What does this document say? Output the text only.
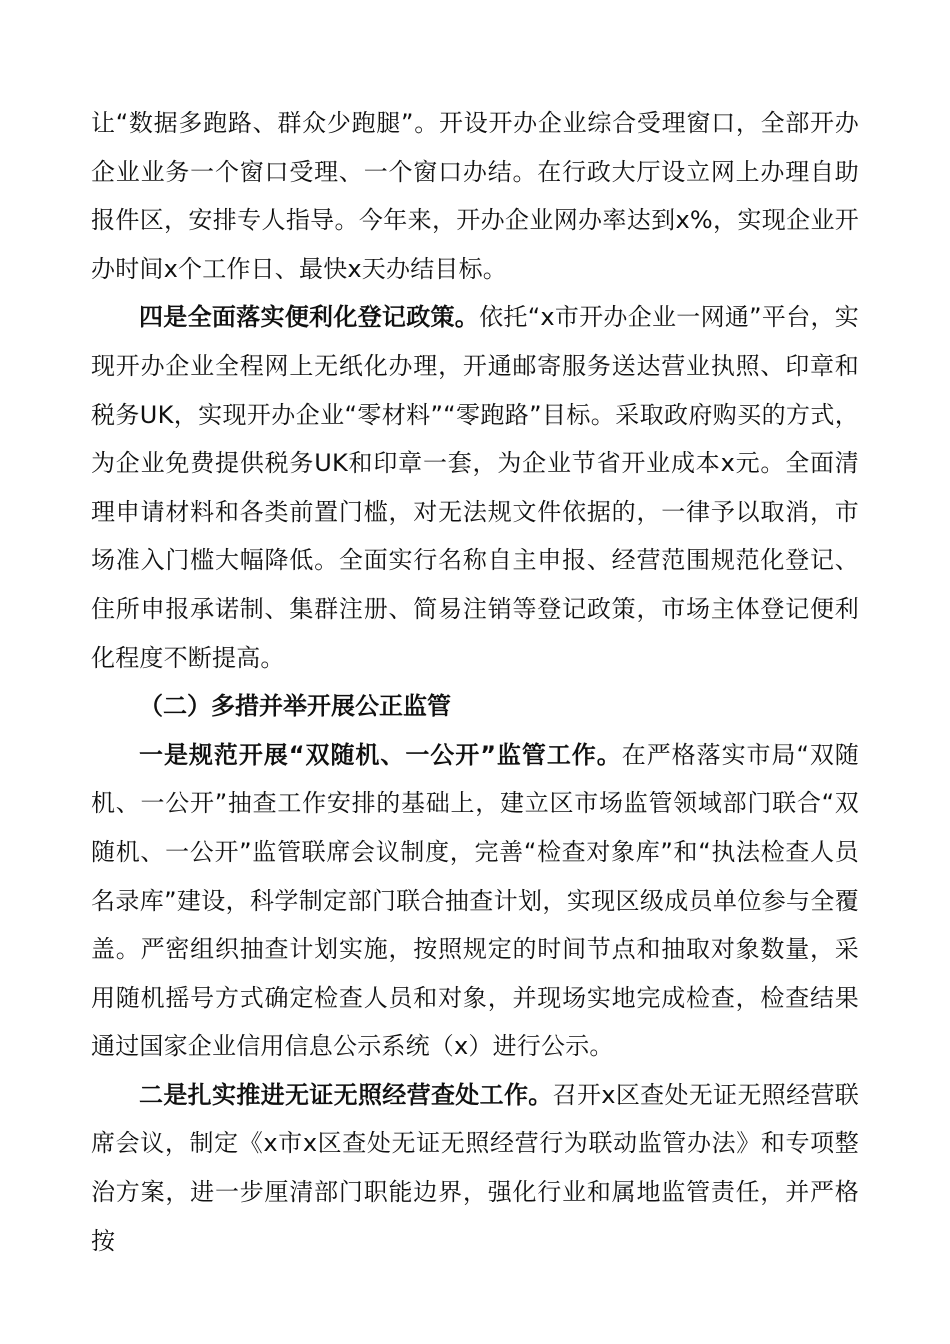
让“数据多跑路、群众少跑腿”。开设开办企业综合受理窗口，全部开办企业业务一个窗口受理、一个窗口办结。在行政大厅设立网上办理自助报件区，安排专人指导。今年来，开办企业网办率达到x%，实现企业开办时间x个工作日、最快x天办结目标。

四是全面落实便利化登记政策。依托“x市开办企业一网通”平台，实现开办企业全程网上无纸化办理，开通邮寄服务送达营业执照、印章和税务UK，实现开办企业“零材料”“零跑路”目标。采取政府购买的方式，为企业免费提供税务UK和印章一套，为企业节省开业成本x元。全面清理申请材料和各类前置门槛，对无法规文件依据的，一律予以取消，市场准入门槛大幅降低。全面实行名称自主申报、经营范围规范化登记、住所申报承诺制、集群注册、简易注销等登记政策，市场主体登记便利化程度不断提高。

（二）多措并举开展公正监管

一是规范开展“双随机、一公开”监管工作。在严格落实市局“双随机、一公开”抽查工作安排的基础上，建立区市场监管领域部门联合“双随机、一公开”监管联席会议制度，完善“检查对象库”和“执法检查人员名录库”建设，科学制定部门联合抽查计划，实现区级成员单位参与全覆盖。严密组织抽查计划实施，按照规定的时间节点和抽取对象数量，采用随机摇号方式确定检查人员和对象，并现场实地完成检查，检查结果通过国家企业信用信息公示系统（x）进行公示。

二是扎实推进无证无照经营查处工作。召开x区查处无证无照经营联席会议，制定《x市x区查处无证无照经营行为联动监管办法》和专项整治方案，进一步厘清部门职能边界，强化行业和属地监管责任，并严格按
